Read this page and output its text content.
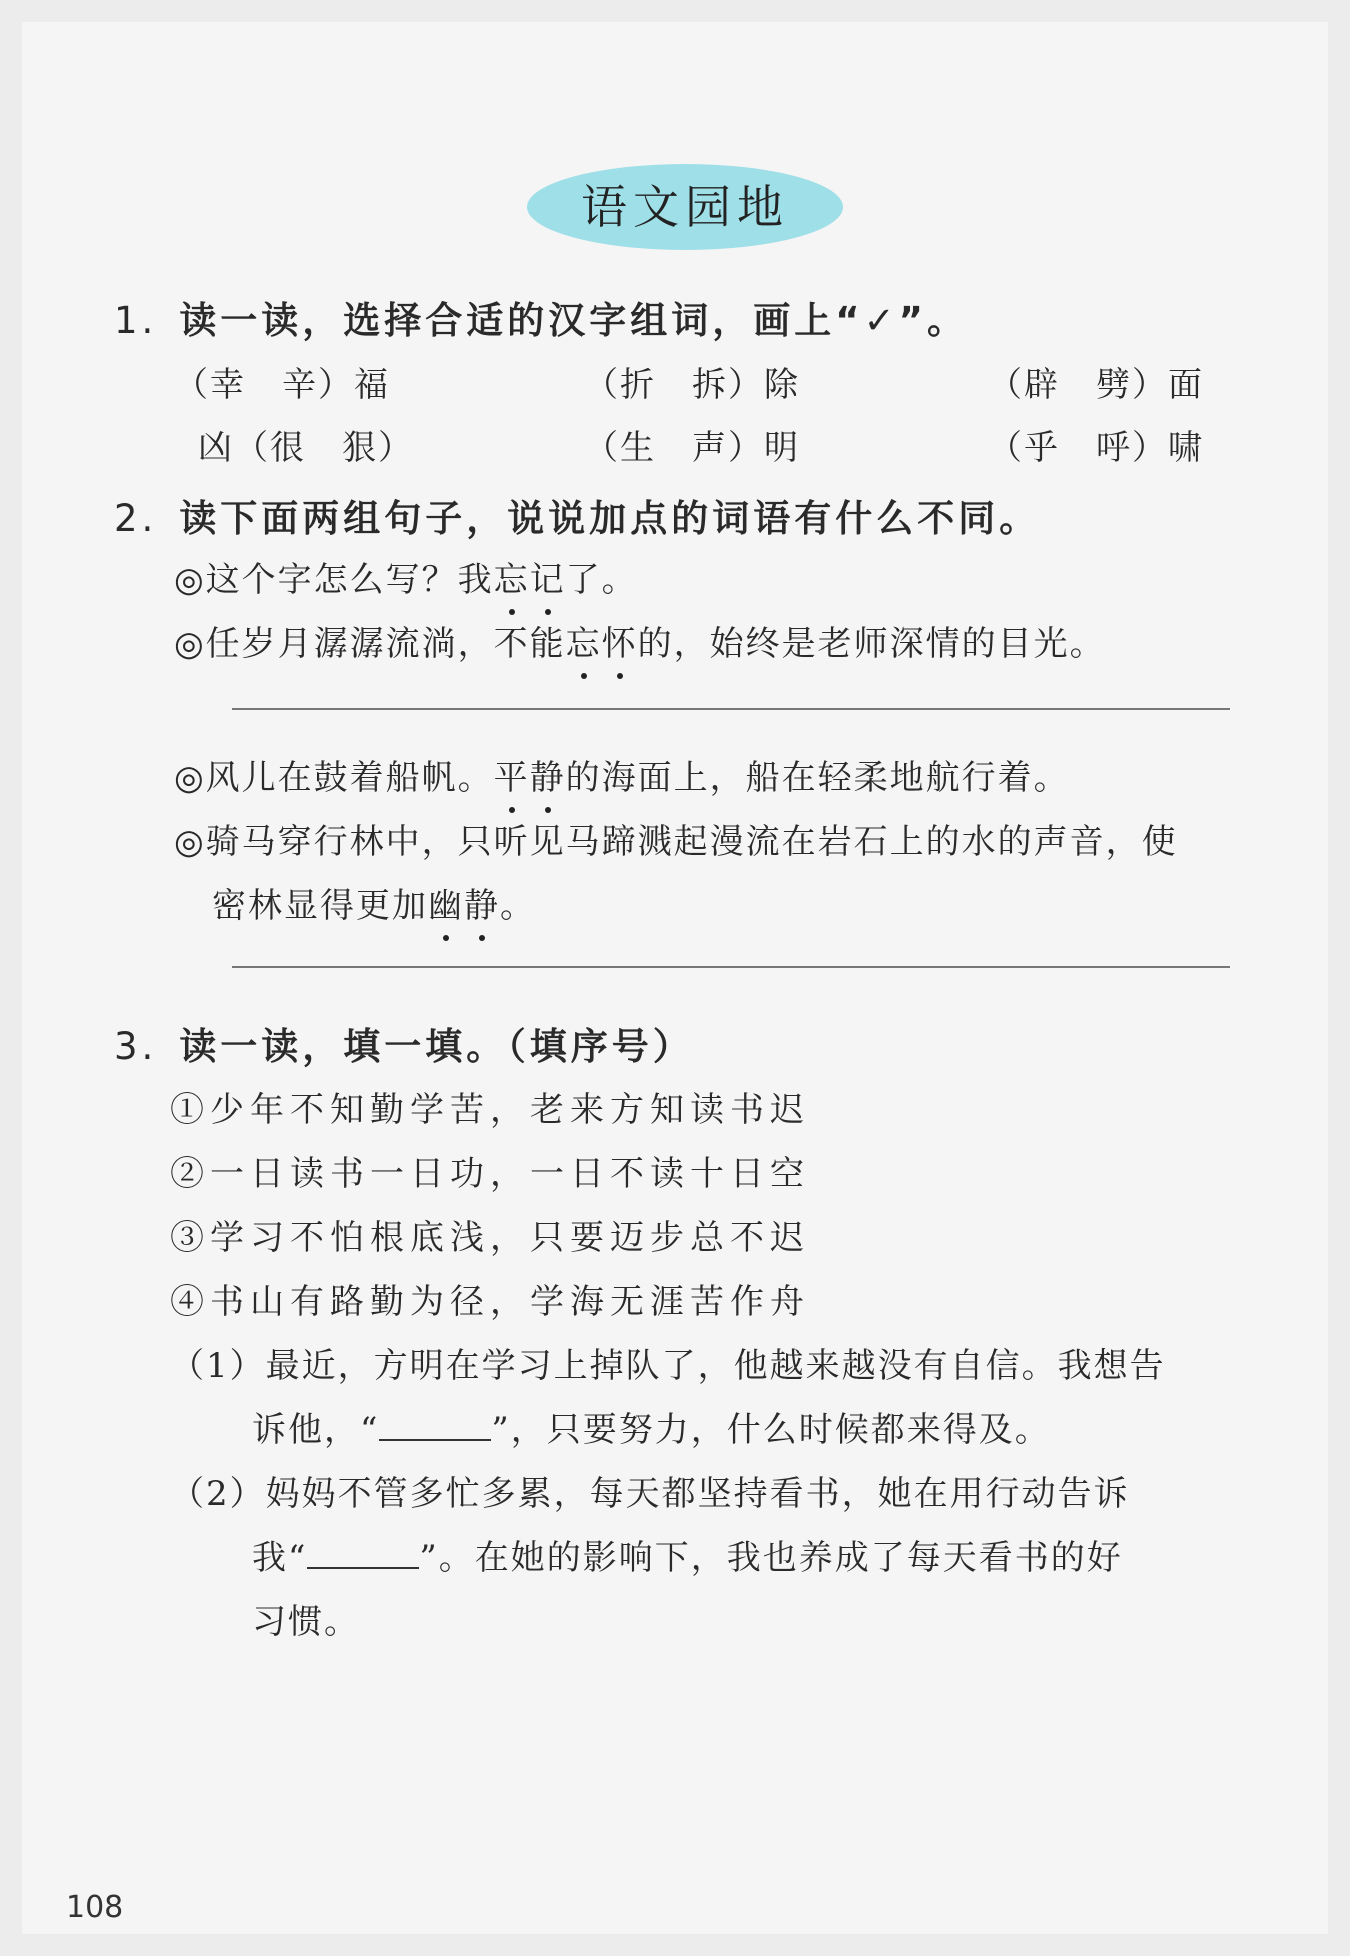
语文园地
1. 读一读，选择合适的汉字组词，画上“✓”。
（幸　辛）福	（折　拆）除	（辟　劈）面
凶（很　狠）	（生　声）明	（乎　呼）啸
2. 读下面两组句子，说说加点的词语有什么不同。
◎这个字怎么写？我忘记了。
◎任岁月潺潺流淌，不能忘怀的，始终是老师深情的目光。
◎风儿在鼓着船帆。平静的海面上，船在轻柔地航行着。
◎骑马穿行林中，只听见马蹄溅起漫流在岩石上的水的声音，使
密林显得更加幽静。
3. 读一读，填一填。（填序号）
①少年不知勤学苦，老来方知读书迟
②一日读书一日功，一日不读十日空
③学习不怕根底浅，只要迈步总不迟
④书山有路勤为径，学海无涯苦作舟
（1）最近，方明在学习上掉队了，他越来越没有自信。我想告
诉他，“	”，只要努力，什么时候都来得及。
（2）妈妈不管多忙多累，每天都坚持看书，她在用行动告诉
我“	”。在她的影响下，我也养成了每天看书的好
习惯。
108
